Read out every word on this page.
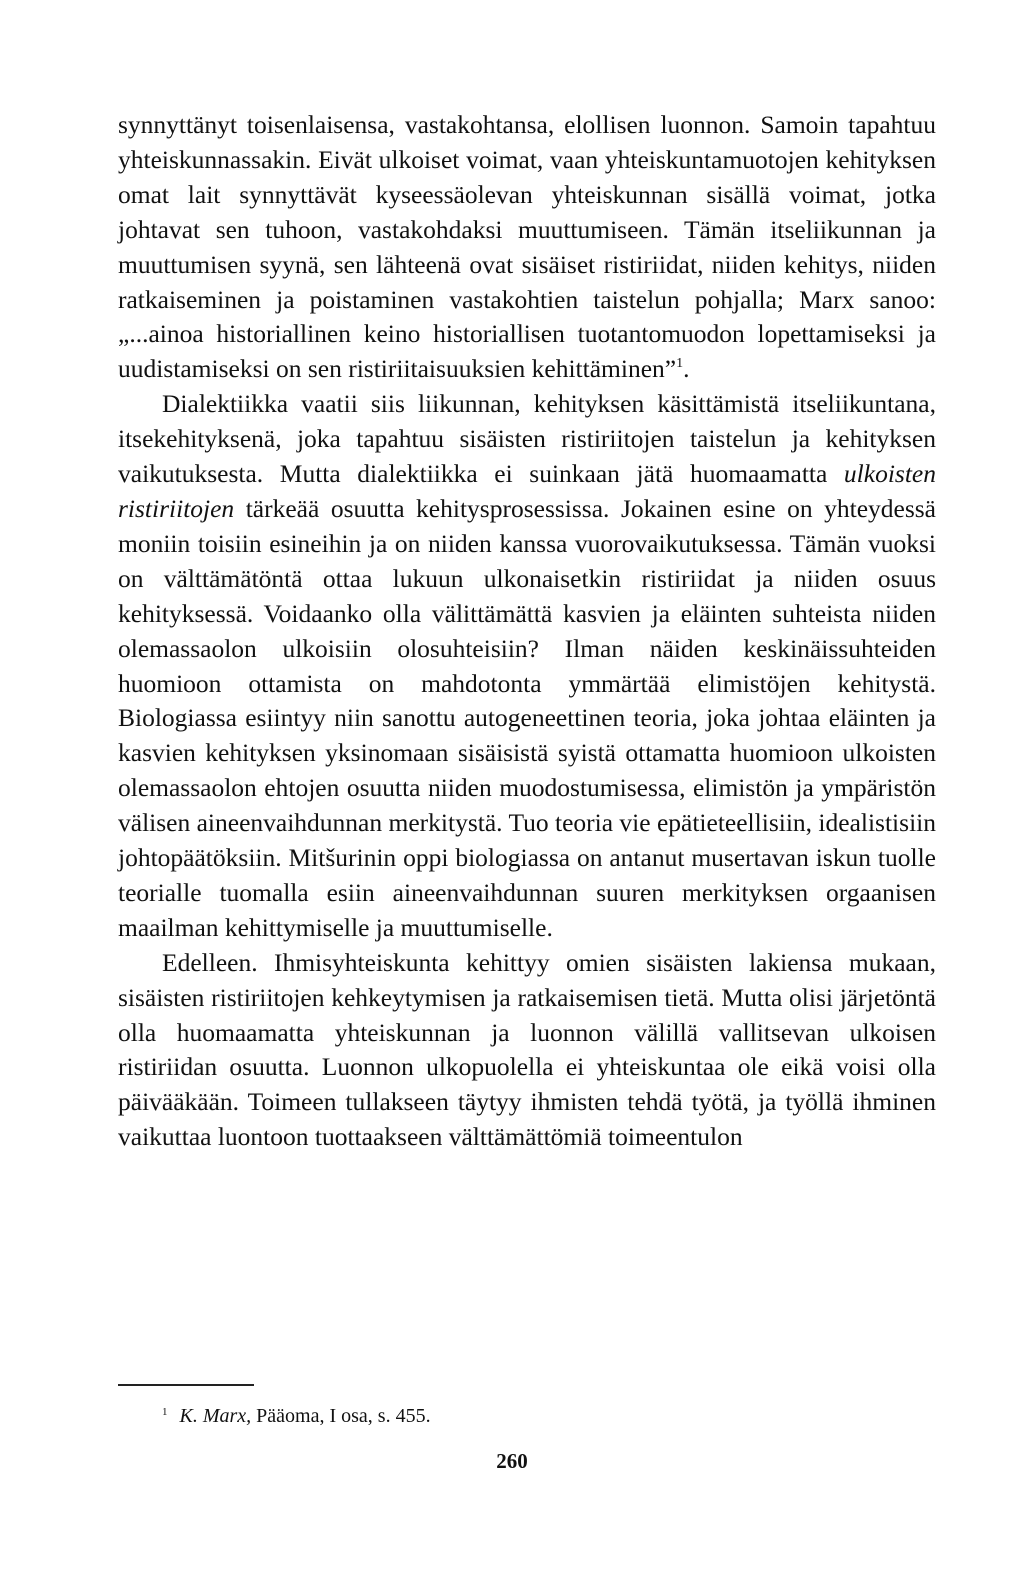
synnyttänyt toisenlaisensa, vastakohtansa, elollisen luonnon. Samoin tapahtuu yhteiskunnassakin. Eivät ulkoiset voimat, vaan yhteiskuntamuotojen kehityksen omat lait synnyttävät kyseessäolevan yhteiskunnan sisällä voimat, jotka johtavat sen tuhoon, vastakohdaksi muuttumiseen. Tämän itseliikunnan ja muuttumisen syynä, sen lähteenä ovat sisäiset ristiriidat, niiden kehitys, niiden ratkaiseminen ja poistaminen vastakohtien taistelun pohjalla; Marx sanoo: „...ainoa historiallinen keino historiallisen tuotantomuodon lopettamiseksi ja uudistamiseksi on sen ristiriitaisuuksien kehittäminen”$^1$.

Dialektiikka vaatii siis liikunnan, kehityksen käsittämistä itseliikuntana, itsekehityksenä, joka tapahtuu sisäisten ristiriitojen taistelun ja kehityksen vaikutuksesta. Mutta dialektiikka ei suinkaan jätä huomaamatta ulkoisten ristiriitojen tärkeää osuutta kehitysprosessissa. Jokainen esine on yhteydessä moniin toisiin esineihin ja on niiden kanssa vuorovaikutuksessa. Tämän vuoksi on välttämätöntä ottaa lukuun ulkonaisetkin ristiriidat ja niiden osuus kehityksessä. Voidaanko olla välittämättä kasvien ja eläinten suhteista niiden olemassaolon ulkoisiin olosuhteisiin? Ilman näiden keskinäissuhteiden huomioon ottamista on mahdotonta ymmärtää elimistöjen kehitystä. Biologiassa esiintyy niin sanottu autogeneettinen teoria, joka johtaa eläinten ja kasvien kehityksen yksinomaan sisäisistä syistä ottamatta huomioon ulkoisten olemassaolon ehtojen osuutta niiden muodostumisessa, elimistön ja ympäristön välisen aineenvaihdunnan merkitystä. Tuo teoria vie epätieteellisiin, idealistisiin johtopäätöksiin. Mitšurinin oppi biologiassa on antanut musertavan iskun tuolle teorialle tuomalla esiin aineenvaihdunnan suuren merkityksen orgaanisen maailman kehittymiselle ja muuttumiselle.

Edelleen. Ihmisyhteiskunta kehittyy omien sisäisten lakiensa mukaan, sisäisten ristiriitojen kehkeytymisen ja ratkaisemisen tietä. Mutta olisi järjetöntä olla huomaamatta yhteiskunnan ja luonnon välillä vallitsevan ulkoisen ristiriidan osuutta. Luonnon ulkopuolella ei yhteiskuntaa ole eikä voisi olla päivääkään. Toimeen tullakseen täytyy ihmisten tehdä työtä, ja työllä ihminen vaikuttaa luontoon tuottaakseen välttämättömiä toimeentulon

$^1$ K. Marx, Pääoma, I osa, s. 455.
260
